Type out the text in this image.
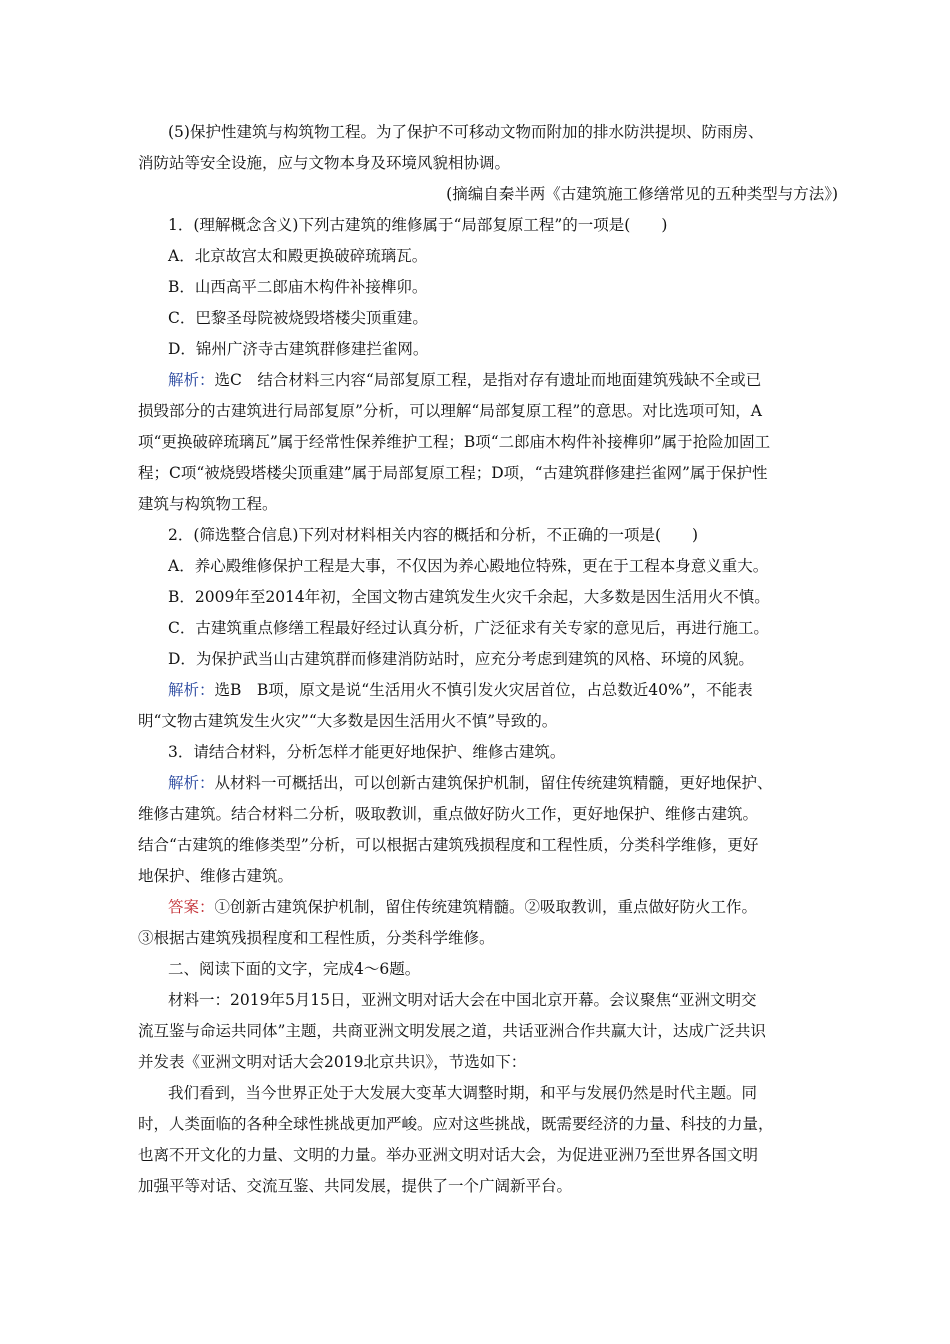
(5)保护性建筑与构筑物工程。为了保护不可移动文物而附加的排水防洪提坝、防雨房、
消防站等安全设施，应与文物本身及环境风貌相协调。
(摘编自秦半两《古建筑施工修缮常见的五种类型与方法》)
1．(理解概念含义)下列古建筑的维修属于“局部复原工程”的一项是(　　)
A．北京故宫太和殿更换破碎琉璃瓦。
B．山西高平二郎庙木构件补接榫卯。
C．巴黎圣母院被烧毁塔楼尖顶重建。
D．锦州广济寺古建筑群修建拦雀网。
解析：选C　结合材料三内容“局部复原工程，是指对存有遗址而地面建筑残缺不全或已
损毁部分的古建筑进行局部复原”分析，可以理解“局部复原工程”的意思。对比选项可知，A
项“更换破碎琉璃瓦”属于经常性保养维护工程；B项“二郎庙木构件补接榫卯”属于抢险加固工
程；C项“被烧毁塔楼尖顶重建”属于局部复原工程；D项，“古建筑群修建拦雀网”属于保护性
建筑与构筑物工程。
2．(筛选整合信息)下列对材料相关内容的概括和分析，不正确的一项是(　　)
A．养心殿维修保护工程是大事，不仅因为养心殿地位特殊，更在于工程本身意义重大。
B．2009年至2014年初，全国文物古建筑发生火灾千余起，大多数是因生活用火不慎。
C．古建筑重点修缮工程最好经过认真分析，广泛征求有关专家的意见后，再进行施工。
D．为保护武当山古建筑群而修建消防站时，应充分考虑到建筑的风格、环境的风貌。
解析：选B　B项，原文是说“生活用火不慎引发火灾居首位，占总数近40%”，不能表
明“文物古建筑发生火灾”“大多数是因生活用火不慎”导致的。
3．请结合材料，分析怎样才能更好地保护、维修古建筑。
解析：从材料一可概括出，可以创新古建筑保护机制，留住传统建筑精髓，更好地保护、
维修古建筑。结合材料二分析，吸取教训，重点做好防火工作，更好地保护、维修古建筑。
结合“古建筑的维修类型”分析，可以根据古建筑残损程度和工程性质，分类科学维修，更好
地保护、维修古建筑。
答案：①创新古建筑保护机制，留住传统建筑精髓。②吸取教训，重点做好防火工作。
③根据古建筑残损程度和工程性质，分类科学维修。
二、阅读下面的文字，完成4～6题。
材料一：2019年5月15日，亚洲文明对话大会在中国北京开幕。会议聚焦“亚洲文明交
流互鉴与命运共同体”主题，共商亚洲文明发展之道，共话亚洲合作共赢大计，达成广泛共识
并发表《亚洲文明对话大会2019北京共识》，节选如下：
我们看到，当今世界正处于大发展大变革大调整时期，和平与发展仍然是时代主题。同
时，人类面临的各种全球性挑战更加严峻。应对这些挑战，既需要经济的力量、科技的力量，
也离不开文化的力量、文明的力量。举办亚洲文明对话大会，为促进亚洲乃至世界各国文明
加强平等对话、交流互鉴、共同发展，提供了一个广阔新平台。
